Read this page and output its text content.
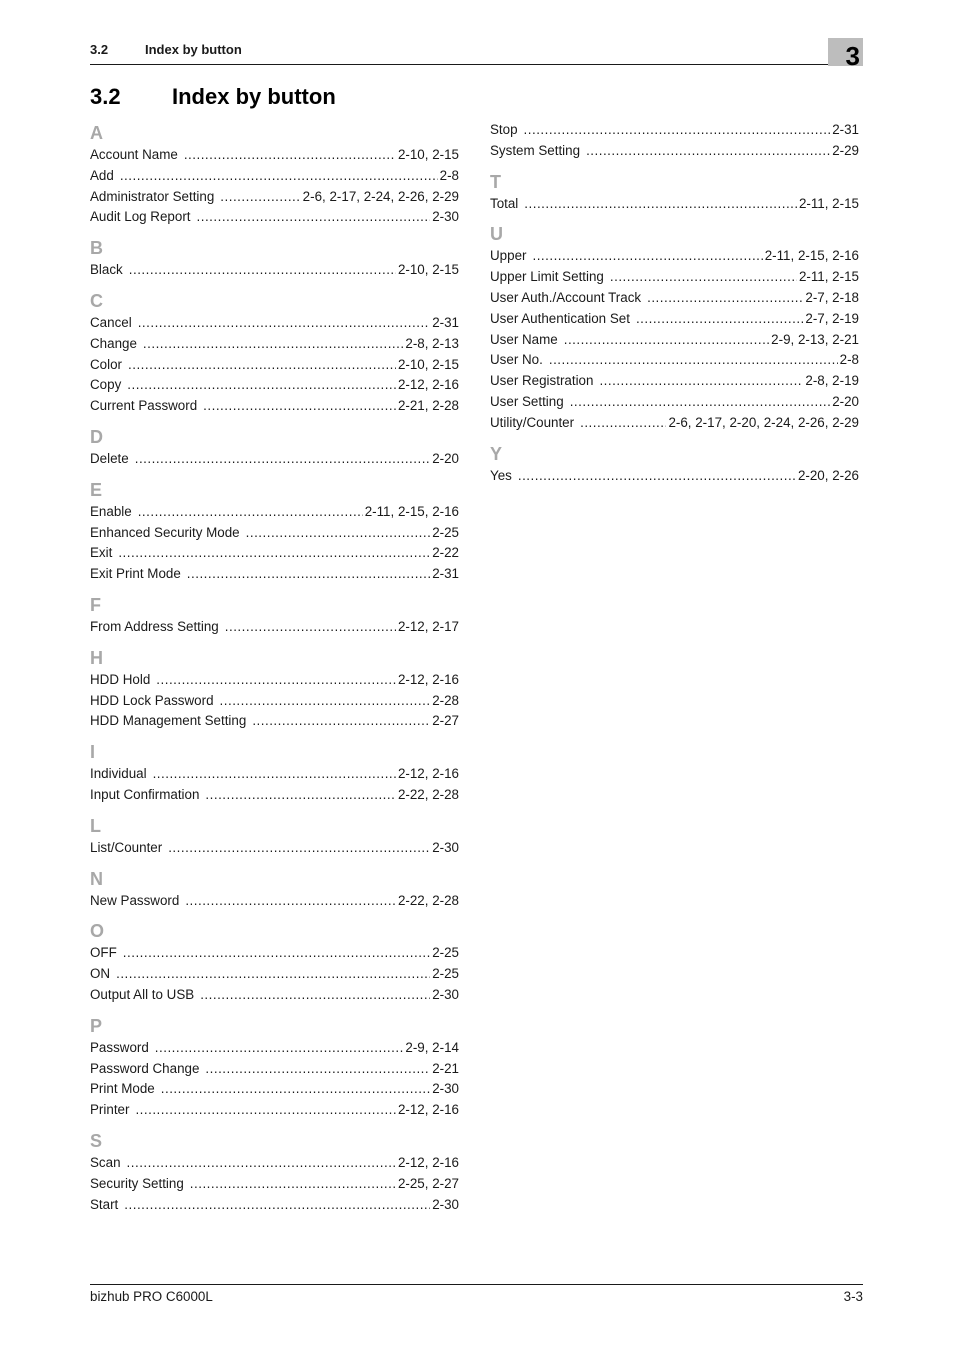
3.2	Index by button	3
3.2 Index by button
A
Account Name .....	2-10, 2-15
Add .....	2-8
Administrator Setting .....	2-6, 2-17, 2-24, 2-26, 2-29
Audit Log Report .....	2-30
B
Black .....	2-10, 2-15
C
Cancel .....	2-31
Change .....	2-8, 2-13
Color .....	2-10, 2-15
Copy .....	2-12, 2-16
Current Password .....	2-21, 2-28
D
Delete .....	2-20
E
Enable .....	2-11, 2-15, 2-16
Enhanced Security Mode .....	2-25
Exit .....	2-22
Exit Print Mode .....	2-31
F
From Address Setting .....	2-12, 2-17
H
HDD Hold .....	2-12, 2-16
HDD Lock Password .....	2-28
HDD Management Setting .....	2-27
I
Individual .....	2-12, 2-16
Input Confirmation .....	2-22, 2-28
L
List/Counter .....	2-30
N
New Password .....	2-22, 2-28
O
OFF .....	2-25
ON .....	2-25
Output All to USB .....	2-30
P
Password .....	2-9, 2-14
Password Change .....	2-21
Print Mode .....	2-30
Printer .....	2-12, 2-16
S
Scan .....	2-12, 2-16
Security Setting .....	2-25, 2-27
Start .....	2-30
Stop .....	2-31
System Setting .....	2-29
T
Total .....	2-11, 2-15
U
Upper .....	2-11, 2-15, 2-16
Upper Limit Setting .....	2-11, 2-15
User Auth./Account Track .....	2-7, 2-18
User Authentication Set .....	2-7, 2-19
User Name .....	2-9, 2-13, 2-21
User No. .....	2-8
User Registration .....	2-8, 2-19
User Setting .....	2-20
Utility/Counter .....	2-6, 2-17, 2-20, 2-24, 2-26, 2-29
Y
Yes .....	2-20, 2-26
bizhub PRO C6000L	3-3
